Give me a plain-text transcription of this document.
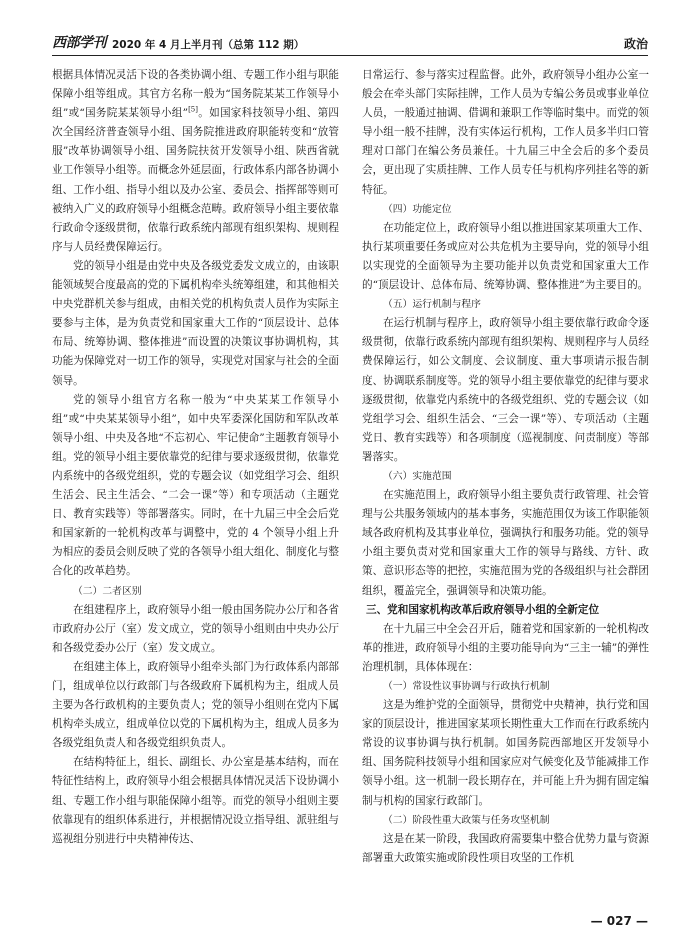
西部学刊 2020 年 4 月上半月刊（总第 112 期）	政治

根据具体情况灵活下设的各类协调小组、专题工作小组与职能保障小组等组成。其官方名称一般为“国务院某某工作领导小组”或“国务院某某领导小组”[5]。如国家科技领导小组、第四次全国经济普查领导小组、国务院推进政府职能转变和“放管服”改革协调领导小组、国务院扶贫开发领导小组、陕西省就业工作领导小组等。而概念外延层面，行政体系内部各协调小组、工作小组、指导小组以及办公室、委员会、指挥部等则可被纳入广义的政府领导小组概念范畴。政府领导小组主要依靠行政命令逐级贯彻，依靠行政系统内部现有组织架构、规则程序与人员经费保障运行。

党的领导小组是由党中央及各级党委发文成立的，由该职能领域契合度最高的党的下属机构牵头统筹组建，和其他相关中央党群机关参与组成，由相关党的机构负责人员作为实际主要参与主体，是为负责党和国家重大工作的“顶层设计、总体布局、统筹协调、整体推进”而设置的决策议事协调机构，其功能为保障党对一切工作的领导，实现党对国家与社会的全面领导。

党的领导小组官方名称一般为“中央某某工作领导小组”或“中央某某领导小组”，如中央军委深化国防和军队改革领导小组、中央及各地“不忘初心、牢记使命”主题教育领导小组。党的领导小组主要依靠党的纪律与要求逐级贯彻，依靠党内系统中的各级党组织，党的专题会议（如党组学习会、组织生活会、民主生活会、“二会一课”等）和专项活动（主题党日、教育实践等）等部署落实。同时，在十九届三中全会后党和国家新的一轮机构改革与调整中，党的 4 个领导小组上升为相应的委员会则反映了党的各领导小组大组化、制度化与整合化的改革趋势。

（二）二者区别

在组建程序上，政府领导小组一般由国务院办公厅和各省市政府办公厅（室）发文成立，党的领导小组则由中央办公厅和各级党委办公厅（室）发文成立。

在组建主体上，政府领导小组牵头部门为行政体系内部部门，组成单位以行政部门与各级政府下属机构为主，组成人员主要为各行政机构的主要负责人；党的领导小组则在党内下属机构牵头成立，组成单位以党的下属机构为主，组成人员多为各级党组负责人和各级党组织负责人。

在结构特征上，组长、副组长、办公室是基本结构，而在特征性结构上，政府领导小组会根据具体情况灵活下设协调小组、专题工作小组与职能保障小组等。而党的领导小组则主要依靠现有的组织体系进行，并根据情况设立指导组、派驻组与巡视组分别进行中央精神传达、

日常运行、参与落实过程监督。此外，政府领导小组办公室一般会在牵头部门实际挂牌，工作人员为专编公务员或事业单位人员，一般通过抽调、借调和兼职工作等临时集中。而党的领导小组一般不挂牌，没有实体运行机构，工作人员多半归口管理对口部门在编公务员兼任。十九届三中全会后的多个委员会，更出现了实质挂牌、工作人员专任与机构序列挂名等的新特征。

（四）功能定位

在功能定位上，政府领导小组以推进国家某项重大工作、执行某项重要任务或应对公共危机为主要导向，党的领导小组以实现党的全面领导为主要功能并以负责党和国家重大工作的“顶层设计、总体布局、统筹协调、整体推进”为主要目的。

（五）运行机制与程序

在运行机制与程序上，政府领导小组主要依靠行政命令逐级贯彻，依靠行政系统内部现有组织架构、规则程序与人员经费保障运行，如公文制度、会议制度、重大事项请示报告制度、协调联系制度等。党的领导小组主要依靠党的纪律与要求逐级贯彻，依靠党内系统中的各级党组织、党的专题会议（如党组学习会、组织生活会、“三会一课”等）、专项活动（主题党日、教育实践等）和各项制度（巡视制度、问责制度）等部署落实。

（六）实施范围

在实施范围上，政府领导小组主要负责行政管理、社会管理与公共服务领域内的基本事务，实施范围仅为该工作职能领域各政府机构及其事业单位，强调执行和服务功能。党的领导小组主要负责对党和国家重大工作的领导与路线、方针、政策、意识形态等的把控，实施范围为党的各级组织与社会群团组织，覆盖完全，强调领导和决策功能。

三、党和国家机构改革后政府领导小组的全新定位

在十九届三中全会召开后，随着党和国家新的一轮机构改革的推进，政府领导小组的主要功能导向为“三主一辅”的弹性治理机制，具体体现在：

（一）常设性议事协调与行政执行机制

这是为维护党的全面领导，贯彻党中央精神，执行党和国家的顶层设计，推进国家某项长期性重大工作而在行政系统内常设的议事协调与执行机制。如国务院西部地区开发领导小组、国务院科技领导小组和国家应对气候变化及节能减排工作领导小组。这一机制一段长期存在，并可能上升为拥有固定编制与机构的国家行政部门。

（二）阶段性重大政策与任务攻坚机制

这是在某一阶段，我国政府需要集中整合优势力量与资源部署重大政策实施或阶段性项目攻坚的工作机

— 027 —
